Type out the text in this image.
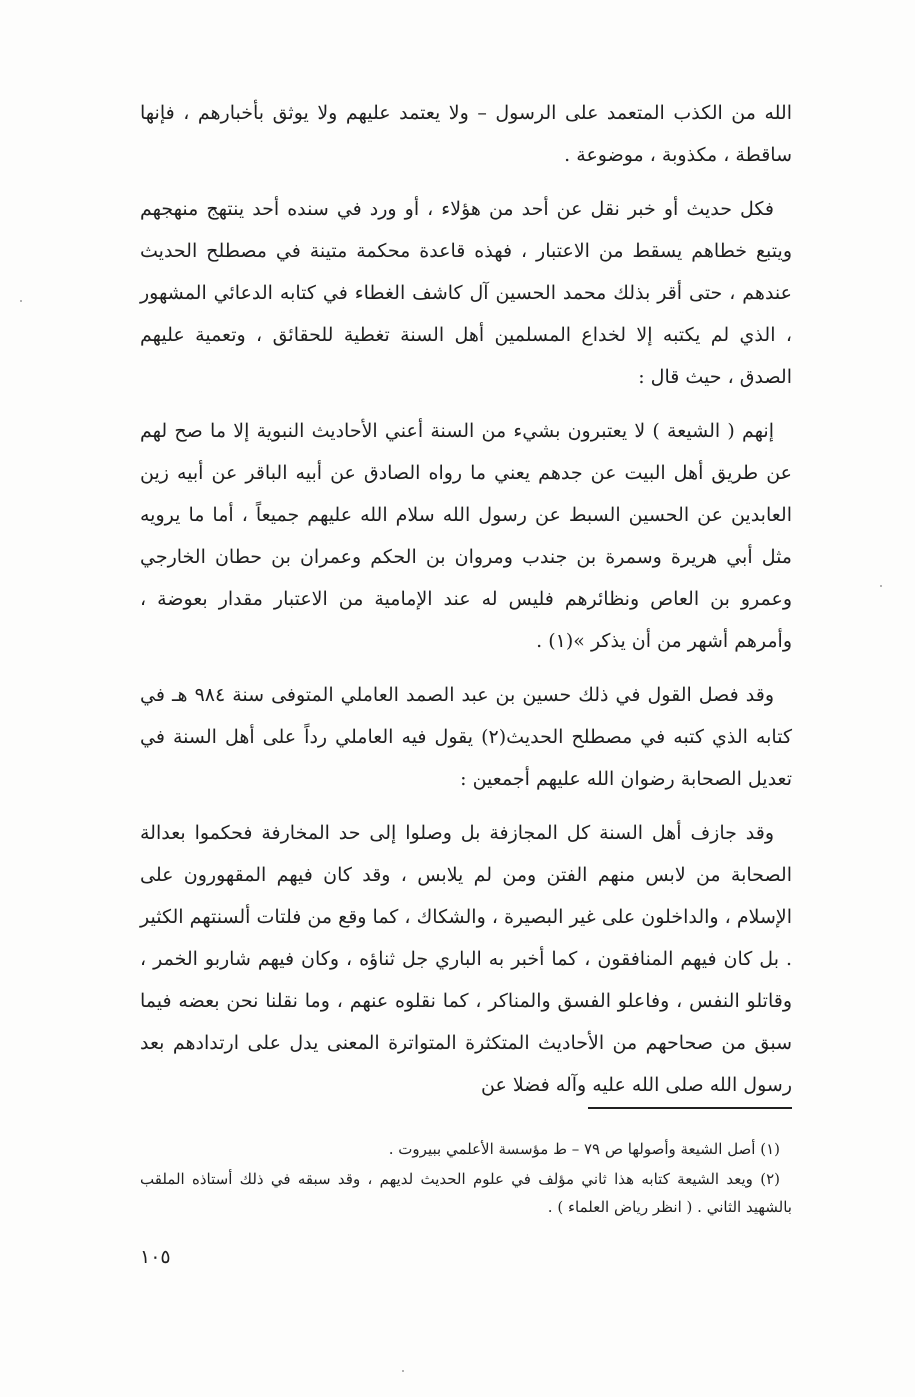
الله من الكذب المتعمد على الرسول – ولا يعتمد عليهم ولا يوثق بأخبارهم ، فإنها ساقطة ، مكذوبة ، موضوعة .

فكل حديث أو خبر نقل عن أحد من هؤلاء ، أو ورد في سنده أحد ينتهج منهجهم ويتبع خطاهم يسقط من الاعتبار ، فهذه قاعدة محكمة متينة في مصطلح الحديث عندهم ، حتى أقر بذلك محمد الحسين آل كاشف الغطاء في كتابه الدعائي المشهور ، الذي لم يكتبه إلا لخداع المسلمين أهل السنة تغطية للحقائق ، وتعمية عليهم الصدق ، حيث قال :

إنهم ( الشيعة ) لا يعتبرون بشيء من السنة أعني الأحاديث النبوية إلا ما صح لهم عن طريق أهل البيت عن جدهم يعني ما رواه الصادق عن أبيه الباقر عن أبيه زين العابدين عن الحسين السبط عن رسول الله سلام الله عليهم جميعاً ، أما ما يرويه مثل أبي هريرة وسمرة بن جندب ومروان بن الحكم وعمران بن حطان الخارجي وعمرو بن العاص ونظائرهم فليس له عند الإمامية من الاعتبار مقدار بعوضة ، وأمرهم أشهر من أن يذكر »(١) .

وقد فصل القول في ذلك حسين بن عبد الصمد العاملي المتوفى سنة ٩٨٤ هـ في كتابه الذي كتبه في مصطلح الحديث(٢) يقول فيه العاملي رداً على أهل السنة في تعديل الصحابة رضوان الله عليهم أجمعين :

وقد جازف أهل السنة كل المجازفة بل وصلوا إلى حد المخارفة فحكموا بعدالة الصحابة من لابس منهم الفتن ومن لم يلابس ، وقد كان فيهم المقهورون على الإسلام ، والداخلون على غير البصيرة ، والشكاك ، كما وقع من فلتات ألسنتهم الكثير . بل كان فيهم المنافقون ، كما أخبر به الباري جل ثناؤه ، وكان فيهم شاربو الخمر ، وقاتلو النفس ، وفاعلو الفسق والمناكر ، كما نقلوه عنهم ، وما نقلنا نحن بعضه فيما سبق من صحاحهم من الأحاديث المتكثرة المتواترة المعنى يدل على ارتدادهم بعد رسول الله صلى الله عليه وآله فضلا عن

(١) أصل الشيعة وأصولها ص ٧٩ – ط مؤسسة الأعلمي ببيروت .

(٢) ويعد الشيعة كتابه هذا ثاني مؤلف في علوم الحديث لديهم ، وقد سبقه في ذلك أستاذه الملقب بالشهيد الثاني . ( انظر رياض العلماء ) .

١٠٥
